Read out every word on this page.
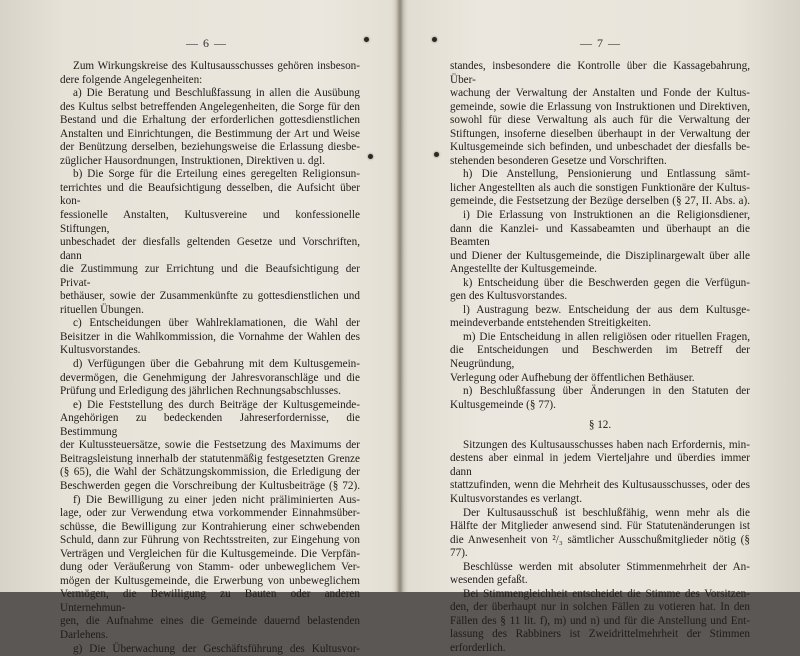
— 6 —
Zum Wirkungskreise des Kultusausschusses gehören insbeson-
dere folgende Angelegenheiten:
a) Die Beratung und Beschlußfassung in allen die Ausübung
des Kultus selbst betreffenden Angelegenheiten, die Sorge für den
Bestand und die Erhaltung der erforderlichen gottesdienstlichen
Anstalten und Einrichtungen, die Bestimmung der Art und Weise
der Benützung derselben, beziehungsweise die Erlassung diesbe-
züglicher Hausordnungen, Instruktionen, Direktiven u. dgl.
b) Die Sorge für die Erteilung eines geregelten Religionsun-
terrichtes und die Beaufsichtigung desselben, die Aufsicht über kon-
fessionelle Anstalten, Kultusvereine und konfessionelle Stiftungen,
unbeschadet der diesfalls geltenden Gesetze und Vorschriften, dann
die Zustimmung zur Errichtung und die Beaufsichtigung der Privat-
bethäuser, sowie der Zusammenkünfte zu gottesdienstlichen und
rituellen Übungen.
c) Entscheidungen über Wahlreklamationen, die Wahl der
Beisitzer in die Wahlkommission, die Vornahme der Wahlen des
Kultusvorstandes.
d) Verfügungen über die Gebahrung mit dem Kultusgemein-
devermögen, die Genehmigung der Jahresvoranschläge und die
Prüfung und Erledigung des jährlichen Rechnungsabschlusses.
e) Die Feststellung des durch Beiträge der Kultusgemeinde-
Angehörigen zu bedeckenden Jahreserfordernisse, die Bestimmung
der Kultussteuersätze, sowie die Festsetzung des Maximums der
Beitragsleistung innerhalb der statutenmäßig festgesetzten Grenze
(§ 65), die Wahl der Schätzungskommission, die Erledigung der
Beschwerden gegen die Vorschreibung der Kultusbeiträge (§ 72).
f) Die Bewilligung zu einer jeden nicht präliminierten Aus-
lage, oder zur Verwendung etwa vorkommender Einnahmsüber-
schüsse, die Bewilligung zur Kontrahierung einer schwebenden
Schuld, dann zur Führung von Rechtsstreiten, zur Eingehung von
Verträgen und Vergleichen für die Kultusgemeinde. Die Verpfän-
dung oder Veräußerung von Stamm- oder unbeweglichem Ver-
mögen der Kultusgemeinde, die Erwerbung von unbeweglichem
Vermögen, die Bewilligung zu Bauten oder anderen Unternehmun-
gen, die Aufnahme eines die Gemeinde dauernd belastenden
Darlehens.
g) Die Überwachung der Geschäftsführung des Kultusvor-
— 7 —
standes, insbesondere die Kontrolle über die Kassagebahrung, Über-
wachung der Verwaltung der Anstalten und Fonde der Kultus-
gemeinde, sowie die Erlassung von Instruktionen und Direktiven,
sowohl für diese Verwaltung als auch für die Verwaltung der
Stiftungen, insoferne dieselben überhaupt in der Verwaltung der
Kultusgemeinde sich befinden, und unbeschadet der diesfalls be-
stehenden besonderen Gesetze und Vorschriften.
h) Die Anstellung, Pensionierung und Entlassung sämt-
licher Angestellten als auch die sonstigen Funktionäre der Kultus-
gemeinde, die Festsetzung der Bezüge derselben (§ 27, II. Abs. a).
i) Die Erlassung von Instruktionen an die Religionsdiener,
dann die Kanzlei- und Kassabeamten und überhaupt an die Beamten
und Diener der Kultusgemeinde, die Disziplinargewalt über alle
Angestellte der Kultusgemeinde.
k) Entscheidung über die Beschwerden gegen die Verfügun-
gen des Kultusvorstandes.
l) Austragung bezw. Entscheidung der aus dem Kultusge-
meindeverbande entstehenden Streitigkeiten.
m) Die Entscheidung in allen religiösen oder rituellen Fragen,
die Entscheidungen und Beschwerden im Betreff der Neugründung,
Verlegung oder Aufhebung der öffentlichen Bethäuser.
n) Beschlußfassung über Änderungen in den Statuten der
Kultusgemeinde (§ 77).
§ 12.
Sitzungen des Kultusausschusses haben nach Erfordernis, min-
destens aber einmal in jedem Vierteljahre und überdies immer dann
stattzufinden, wenn die Mehrheit des Kultusausschusses, oder des
Kultusvorstandes es verlangt.
Der Kultusausschuß ist beschlußfähig, wenn mehr als die
Hälfte der Mitglieder anwesend sind. Für Statutenänderungen ist
die Anwesenheit von ²/₃ sämtlicher Ausschußmitglieder nötig (§ 77).
Beschlüsse werden mit absoluter Stimmenmehrheit der An-
wesenden gefaßt.
Bei Stimmengleichheit entscheidet die Stimme des Vorsitzen-
den, der überhaupt nur in solchen Fällen zu votieren hat. In den
Fällen des § 11 lit. f), m) und n) und für die Anstellung und Ent-
lassung des Rabbiners ist Zweidrittelmehrheit der Stimmen erforderlich.
